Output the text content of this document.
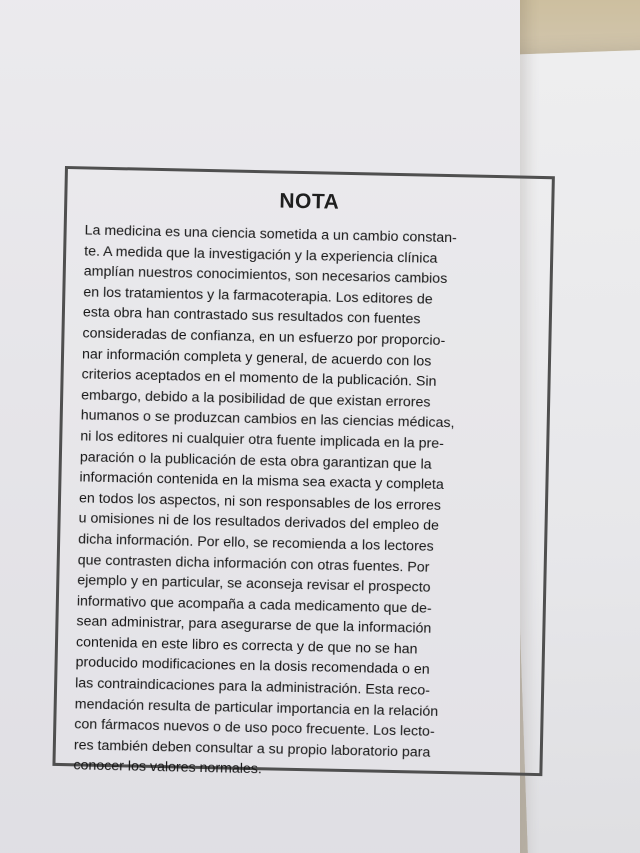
NOTA
La medicina es una ciencia sometida a un cambio constan-
te. A medida que la investigación y la experiencia clínica
amplían nuestros conocimientos, son necesarios cambios
en los tratamientos y la farmacoterapia. Los editores de
esta obra han contrastado sus resultados con fuentes
consideradas de confianza, en un esfuerzo por proporcio-
nar información completa y general, de acuerdo con los
criterios aceptados en el momento de la publicación. Sin
embargo, debido a la posibilidad de que existan errores
humanos o se produzcan cambios en las ciencias médicas,
ni los editores ni cualquier otra fuente implicada en la pre-
paración o la publicación de esta obra garantizan que la
información contenida en la misma sea exacta y completa
en todos los aspectos, ni son responsables de los errores
u omisiones ni de los resultados derivados del empleo de
dicha información. Por ello, se recomienda a los lectores
que contrasten dicha información con otras fuentes. Por
ejemplo y en particular, se aconseja revisar el prospecto
informativo que acompaña a cada medicamento que de-
sean administrar, para asegurarse de que la información
contenida en este libro es correcta y de que no se han
producido modificaciones en la dosis recomendada o en
las contraindicaciones para la administración. Esta reco-
mendación resulta de particular importancia en la relación
con fármacos nuevos o de uso poco frecuente. Los lecto-
res también deben consultar a su propio laboratorio para
conocer los valores normales.
